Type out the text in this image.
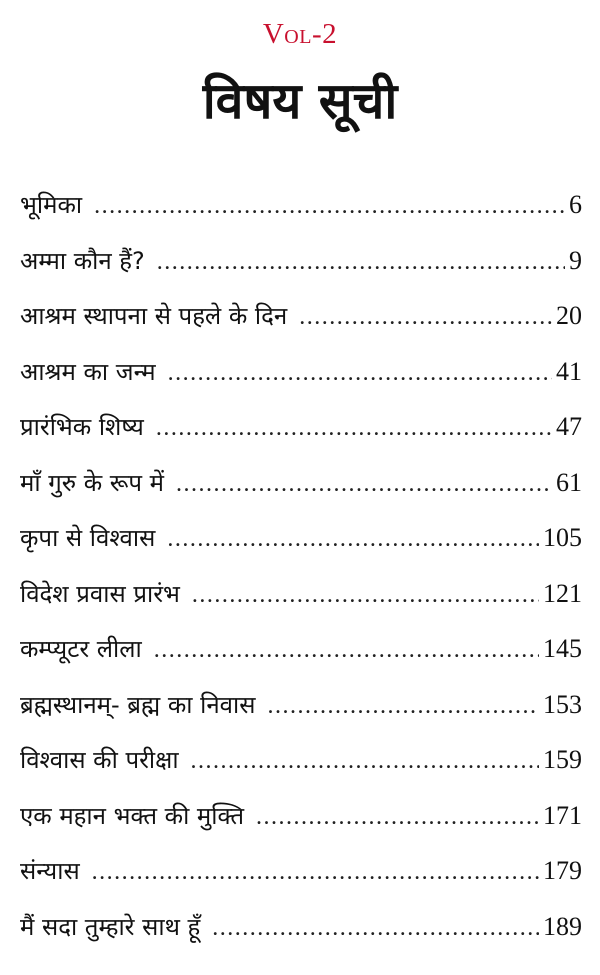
Vol-2
विषय सूची
भूमिका .....	6
अम्मा कौन हैं? .....	9
आश्रम स्थापना से पहले के दिन .....	20
आश्रम का जन्म .....	41
प्रारंभिक शिष्य .....	47
माँ गुरु के रूप में .....	61
कृपा से विश्वास .....	105
विदेश प्रवास प्रारंभ .....	121
कम्प्यूटर लीला .....	145
ब्रह्मस्थानम्- ब्रह्म का निवास .....	153
विश्वास की परीक्षा .....	159
एक महान भक्त की मुक्ति .....	171
संन्यास .....	179
मैं सदा तुम्हारे साथ हूँ .....	189
